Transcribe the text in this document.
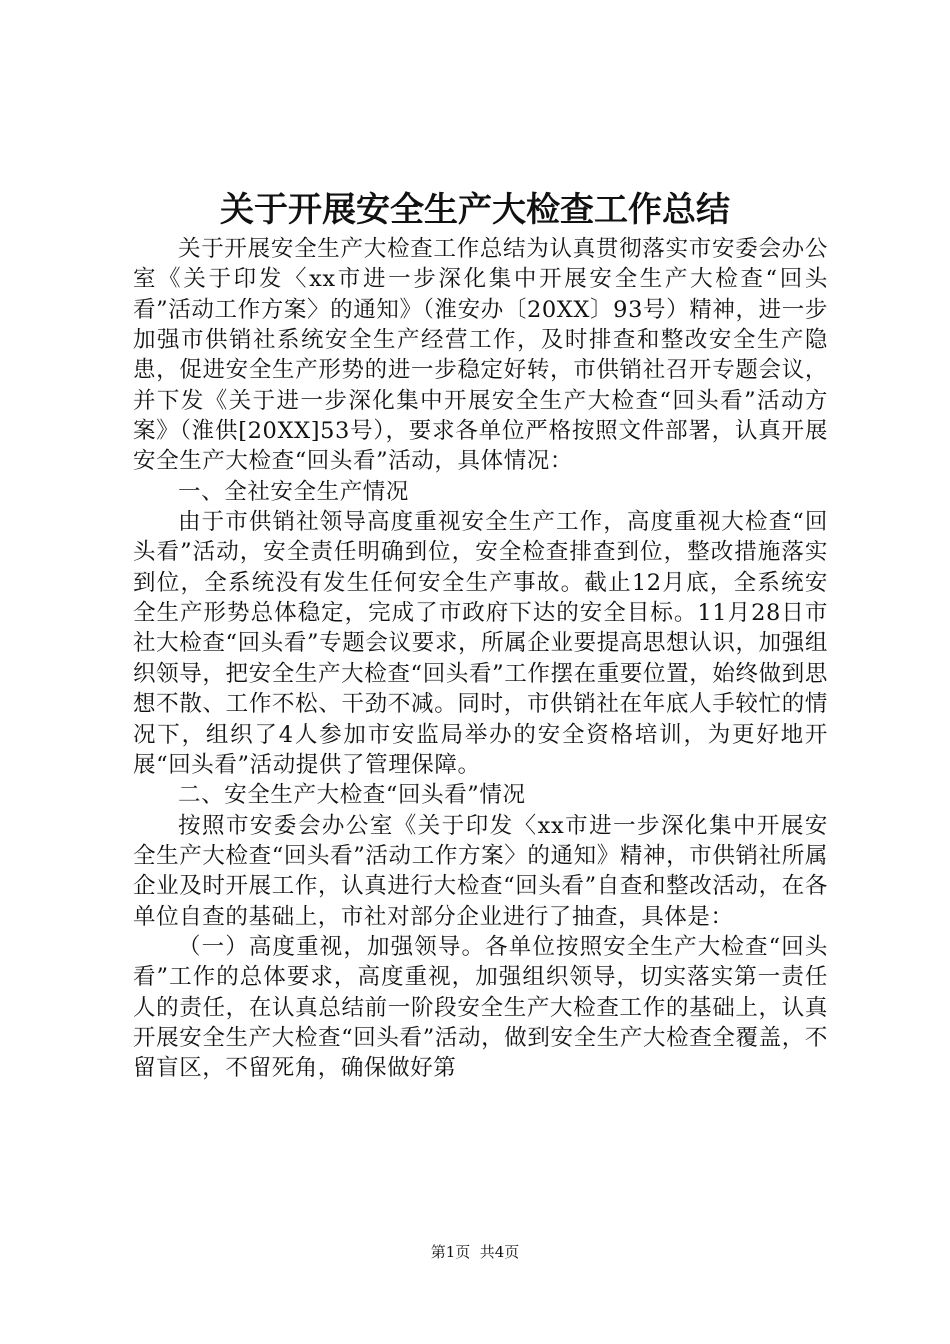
关于开展安全生产大检查工作总结

关于开展安全生产大检查工作总结为认真贯彻落实市安委会办公室《关于印发〈xx市进一步深化集中开展安全生产大检查“回头看”活动工作方案〉的通知》（淮安办〔20XX〕93号）精神，进一步加强市供销社系统安全生产经营工作，及时排查和整改安全生产隐患，促进安全生产形势的进一步稳定好转，市供销社召开专题会议，并下发《关于进一步深化集中开展安全生产大检查“回头看”活动方案》（淮供[20XX]53号），要求各单位严格按照文件部署，认真开展安全生产大检查“回头看”活动，具体情况：

一、全社安全生产情况

由于市供销社领导高度重视安全生产工作，高度重视大检查“回头看”活动，安全责任明确到位，安全检查排查到位，整改措施落实到位，全系统没有发生任何安全生产事故。截止12月底，全系统安全生产形势总体稳定，完成了市政府下达的安全目标。11月28日市社大检查“回头看”专题会议要求，所属企业要提高思想认识，加强组织领导，把安全生产大检查“回头看”工作摆在重要位置，始终做到思想不散、工作不松、干劲不减。同时，市供销社在年底人手较忙的情况下，组织了4人参加市安监局举办的安全资格培训，为更好地开展“回头看”活动提供了管理保障。

二、安全生产大检查“回头看”情况

按照市安委会办公室《关于印发〈xx市进一步深化集中开展安全生产大检查“回头看”活动工作方案〉的通知》精神，市供销社所属企业及时开展工作，认真进行大检查“回头看”自查和整改活动，在各单位自查的基础上，市社对部分企业进行了抽查，具体是：

（一）高度重视，加强领导。各单位按照安全生产大检查“回头看”工作的总体要求，高度重视，加强组织领导，切实落实第一责任人的责任，在认真总结前一阶段安全生产大检查工作的基础上，认真开展安全生产大检查“回头看”活动，做到安全生产大检查全覆盖，不留盲区，不留死角，确保做好第

第1页  共4页
